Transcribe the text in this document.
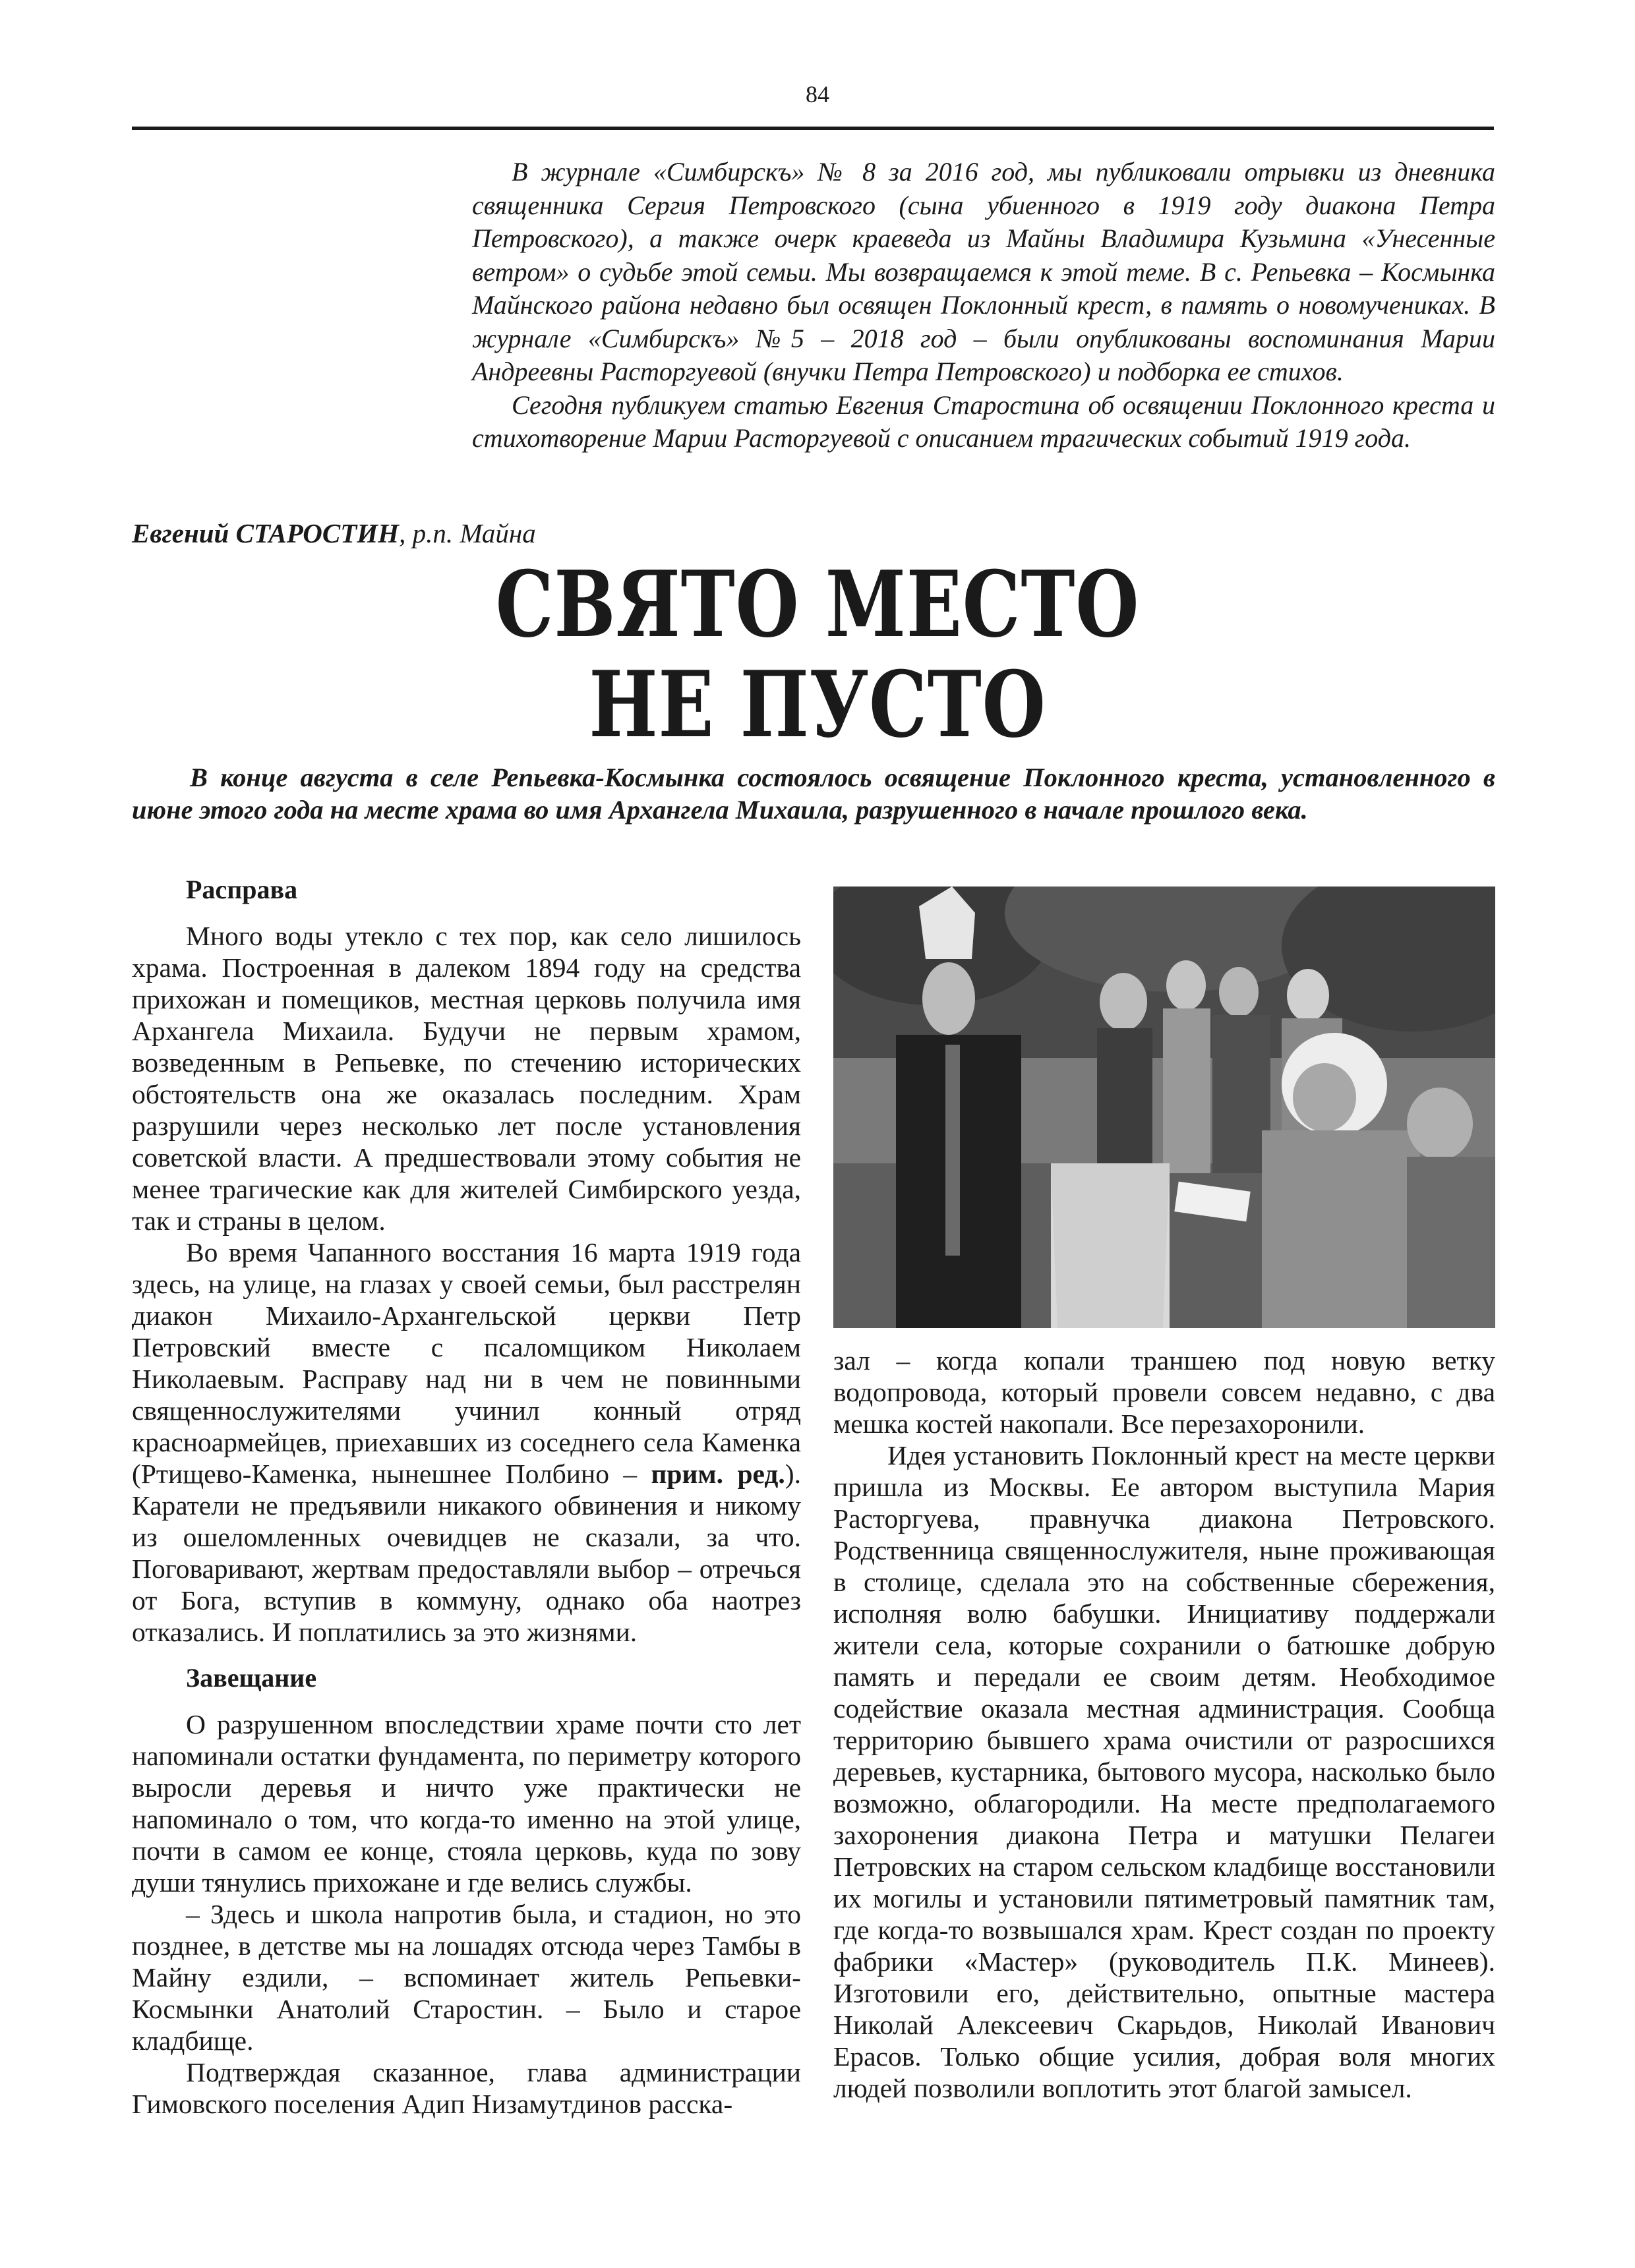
84

В журнале «Симбирскъ» № 8 за 2016 год, мы публиковали отрывки из дневника священника Сергия Петровского (сына убиенного в 1919 году диакона Петра Петровского), а также очерк краеведа из Майны Владимира Кузьмина «Унесенные ветром» о судьбе этой семьи. Мы возвращаемся к этой теме. В с. Репьевка – Космынка Майнского района недавно был освящен Поклонный крест, в память о новомучениках. В журнале «Симбирскъ» №5 – 2018 год – были опубликованы воспоминания Марии Андреевны Расторгуевой (внучки Петра Петровского) и подборка ее стихов.

Сегодня публикуем статью Евгения Старостина об освящении Поклонного креста и стихотворение Марии Расторгуевой с описанием трагических событий 1919 года.

Евгений СТАРОСТИН, р.п. Майна
СВЯТО МЕСТО
НЕ ПУСТО
В конце августа в селе Репьевка-Космынка состоялось освящение Поклонного креста, установленного в июне этого года на месте храма во имя Архангела Михаила, разрушенного в начале прошлого века.
Расправа

Много воды утекло с тех пор, как село лишилось храма. Построенная в далеком 1894 году на средства прихожан и помещиков, местная церковь получила имя Архангела Михаила. Будучи не первым храмом, возведенным в Репьевке, по стечению исторических обстоятельств она же оказалась последним. Храм разрушили через несколько лет после установления советской власти. А предшествовали этому события не менее трагические как для жителей Симбирского уезда, так и страны в целом.

Во время Чапанного восстания 16 марта 1919 года здесь, на улице, на глазах у своей семьи, был расстрелян диакон Михаило-Архангельской церкви Петр Петровский вместе с псаломщиком Николаем Николаевым. Расправу над ни в чем не повинными священнослужителями учинил конный отряд красноармейцев, приехавших из соседнего села Каменка (Ртищево-Каменка, нынешнее Полбино – прим. ред.). Каратели не предъявили никакого обвинения и никому из ошеломленных очевидцев не сказали, за что. Поговаривают, жертвам предоставляли выбор – отречься от Бога, вступив в коммуну, однако оба наотрез отказались. И поплатились за это жизнями.

Завещание

О разрушенном впоследствии храме почти сто лет напоминали остатки фундамента, по периметру которого выросли деревья и ничто уже практически не напоминало о том, что когда-то именно на этой улице, почти в самом ее конце, стояла церковь, куда по зову души тянулись прихожане и где велись службы.

– Здесь и школа напротив была, и стадион, но это позднее, в детстве мы на лошадях отсюда через Тамбы в Майну ездили, – вспоминает житель Репьевки-Космынки Анатолий Старостин. – Было и старое кладбище.

Подтверждая сказанное, глава администрации Гимовского поселения Адип Низамутдинов расска-

зал – когда копали траншею под новую ветку водопровода, который провели совсем недавно, с два мешка костей накопали. Все перезахоронили.

Идея установить Поклонный крест на месте церкви пришла из Москвы. Ее автором выступила Мария Расторгуева, правнучка диакона Петровского. Родственница священнослужителя, ныне проживающая в столице, сделала это на собственные сбережения, исполняя волю бабушки. Инициативу поддержали жители села, которые сохранили о батюшке добрую память и передали ее своим детям. Необходимое содействие оказала местная администрация. Сообща территорию бывшего храма очистили от разросшихся деревьев, кустарника, бытового мусора, насколько было возможно, облагородили. На месте предполагаемого захоронения диакона Петра и матушки Пелагеи Петровских на старом сельском кладбище восстановили их могилы и установили пятиметровый памятник там, где когда-то возвышался храм. Крест создан по проекту фабрики «Мастер» (руководитель П.К. Минеев). Изготовили его, действительно, опытные мастера Николай Алексеевич Скарьдов, Николай Иванович Ерасов. Только общие усилия, добрая воля многих людей позволили воплотить этот благой замысел.
